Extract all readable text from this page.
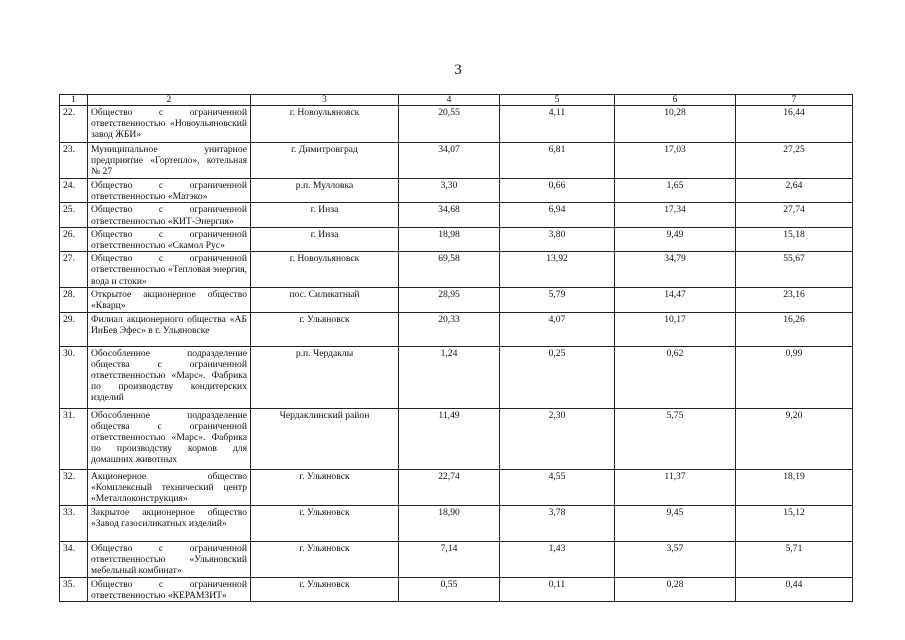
3
1	2	3	4	5	6	7
22.	Общество с ограниченной ответственностью «Новоульяновский завод ЖБИ»	г. Новоульяновск	20,55	4,11	10,28	16,44
23.	Муниципальное унитарное предприятие «Гортепло», котельная № 27	г. Димитровград	34,07	6,81	17,03	27,25
24.	Общество с ограниченной ответственностью «Матэко»	р.п. Мулловка	3,30	0,66	1,65	2,64
25.	Общество с ограниченной ответственностью «КИТ-Энергия»	г. Инза	34,68	6,94	17,34	27,74
26.	Общество с ограниченной ответственностью «Скамол Рус»	г. Инза	18,98	3,80	9,49	15,18
27.	Общество с ограниченной ответственностью «Тепловая энергия, вода и стоки»	г. Новоульяновск	69,58	13,92	34,79	55,67
28.	Открытое акционерное общество «Кварц»	пос. Силикатный	28,95	5,79	14,47	23,16
29.	Филиал акционерного общества «АБ ИнБев Эфес» в г. Ульяновске	г. Ульяновск	20,33	4,07	10,17	16,26
30.	Обособленное подразделение общества с ограниченной ответственностью «Марс». Фабрика по производству кондитерских изделий	р.п. Чердаклы	1,24	0,25	0,62	0,99
31.	Обособленное подразделение общества с ограниченной ответственностью «Марс». Фабрика по производству кормов для домашних животных	Чердаклинский район	11,49	2,30	5,75	9,20
32.	Акционерное общество «Комплексный технический центр «Металлоконструкция»	г. Ульяновск	22,74	4,55	11,37	18,19
33.	Закрытое акционерное общество «Завод газосиликатных изделий»	г. Ульяновск	18,90	3,78	9,45	15,12
34.	Общество с ограниченной ответственностью «Ульяновский мебельный комбинат»	г. Ульяновск	7,14	1,43	3,57	5,71
35.	Общество с ограниченной ответственностью «КЕРАМЗИТ»	г. Ульяновск	0,55	0,11	0,28	0,44
